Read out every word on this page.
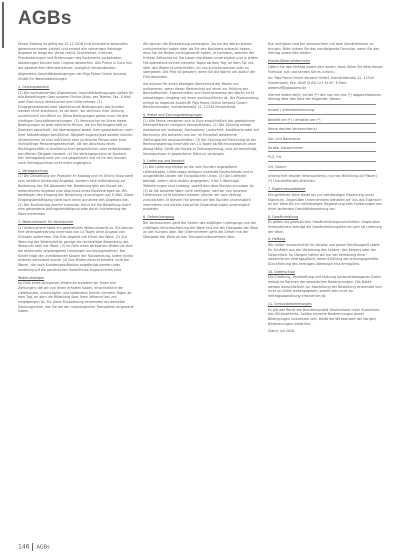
AGBs

Dieser Katalog ist gültig bis 31.12.2016 (mit Ausnahme besonders gekennzeichneter Artikel) und ersetzt alle vorherigen Kataloge. Angebot so lange der Vorrat reicht. Druckfehler, Irrtümer, Preisänderungen und Änderungen des Sortiments vorbehalten. Abbildungen können vom Original abweichen. Alle Preise in Euro inkl. der gesetzlichen Mehrwertsteuer, zuzüglich Versandkosten.

Allgemeine Geschäftsbedingungen der Pajo Pomo Online Versand GmbH für Warenbestellungen

1. Geltungsbereich

(1) Die nachstehenden Allgemeinen Geschäftsbedingungen gelten für alle Bestellungen über unseren Online-Shop, per Telefon, Fax, E-Mail oder Post durch Verbraucher und Unternehmer. (2) Entgegenstehende oder abweichende Bedingungen des Kunden werden nicht anerkannt, es sei denn, wir stimmen ihrer Geltung ausdrücklich schriftlich zu. Diese Bedingungen gelten auch für alle künftigen Geschäftsbeziehungen. (3) Verbraucher im Sinne dieser Bedingungen ist jede natürliche Person, die ein Rechtsgeschäft zu Zwecken abschließt, die überwiegend weder ihrer gewerblichen noch ihrer selbständigen beruflichen Tätigkeit zugerechnet werden können. Unternehmer ist eine natürliche oder juristische Person oder eine rechtsfähige Personengesellschaft, die bei Abschluss eines Rechtsgeschäfts in Ausübung ihrer gewerblichen oder selbständigen beruflichen Tätigkeit handelt. (4) Die Vertragssprache ist Deutsch. Der Vertragstext wird von uns gespeichert und ist für den Kunden nach Vertragsschluss nicht mehr zugänglich.

2. Vertragsschluss

(1) Die Darstellung der Produkte im Katalog und im Online-Shop stellt kein rechtlich bindendes Angebot, sondern eine Aufforderung zur Bestellung dar. Mit Absenden der Bestellung gibt der Kunde ein verbindliches Angebot zum Abschluss eines Kaufvertrages ab. Wir bestätigen den Eingang der Bestellung unverzüglich per E-Mail. Diese Eingangsbestätigung stellt noch keine Annahme des Angebots dar. (2) Der Kaufvertrag kommt zustande, wenn wir die Bestellung durch eine gesonderte Auftragsbestätigung oder durch Auslieferung der Ware annehmen.

3. Widerrufsrecht für Verbraucher

(1) Verbrauchern steht ein gesetzliches Widerrufsrecht zu. Sie können Ihre Vertragserklärung innerhalb von 14 Tagen ohne Angabe von Gründen widerrufen. Die Frist beginnt mit Erhalt der Ware. (2) Zur Wahrung der Widerrufsfrist genügt die rechtzeitige Absendung des Widerrufs oder der Ware. (3) Im Falle eines wirksamen Widerrufs sind die beiderseits empfangenen Leistungen zurückzugewähren. Der Kunde trägt die unmittelbaren Kosten der Rücksendung, sofern nichts anderes vereinbart wurde. (4) Das Widerrufsrecht besteht nicht bei Waren, die nach Kundenspezifikation angefertigt werden oder eindeutig auf die persönlichen Bedürfnisse zugeschnitten sind.

Widerrufsfolgen

Im Falle eines wirksamen Widerrufs erstatten wir Ihnen alle Zahlungen, die wir von Ihnen erhalten haben, einschließlich der Lieferkosten, unverzüglich und spätestens binnen vierzehn Tagen ab dem Tag, an dem die Mitteilung über Ihren Widerruf bei uns eingegangen ist. Für diese Rückzahlung verwenden wir dasselbe Zahlungsmittel, das Sie bei der ursprünglichen Transaktion eingesetzt haben.

Wir können die Rückzahlung verweigern, bis wir die Waren wieder zurückerhalten haben oder bis Sie den Nachweis erbracht haben, dass Sie die Waren zurückgesandt haben, je nachdem, welches der frühere Zeitpunkt ist. Sie haben die Waren unverzüglich und in jedem Fall spätestens binnen vierzehn Tagen ab dem Tag, an dem Sie uns über den Widerruf unterrichten, an uns zurückzusenden oder zu übergeben. Die Frist ist gewahrt, wenn Sie die Waren vor Ablauf der Frist absenden.

Sie müssen für einen etwaigen Wertverlust der Waren nur aufkommen, wenn dieser Wertverlust auf einen zur Prüfung der Beschaffenheit, Eigenschaften und Funktionsweise der Waren nicht notwendigen Umgang mit ihnen zurückzuführen ist. Die Rücksendung erfolgt an folgende Anschrift: Pajo Pomo Online Versand GmbH, Rücksendungen, Industriestraße 12, 12345 Musterstadt.

4. Preise und Zahlungsbedingungen

(1) Alle Preise verstehen sich in Euro einschließlich der gesetzlichen Mehrwertsteuer zuzüglich Versandkosten. (2) Die Zahlung erfolgt wahlweise per Vorkasse, Nachnahme, Lastschrift, Kreditkarte oder auf Rechnung. Wir behalten uns vor, im Einzelfall bestimmte Zahlungsarten auszuschließen. (3) Bei Zahlung auf Rechnung ist der Rechnungsbetrag innerhalb von 14 Tagen ab Rechnungsdatum ohne Abzug fällig. Gerät der Kunde in Zahlungsverzug, sind wir berechtigt, Verzugszinsen in gesetzlicher Höhe zu verlangen.

5. Lieferung und Versand

(1) Die Lieferung erfolgt an die vom Kunden angegebene Lieferadresse. Lieferungen erfolgen innerhalb Deutschlands und in ausgewählte Länder der Europäischen Union. (2) Die Lieferzeit beträgt, sofern nicht anders angegeben, 3 bis 5 Werktage. Teillieferungen sind zulässig, soweit dies dem Kunden zumutbar ist. (3) Ist die bestellte Ware nicht verfügbar, weil wir von unserem Lieferanten nicht beliefert werden, können wir vom Vertrag zurücktreten. In diesem Fall werden wir den Kunden unverzüglich informieren und bereits erbrachte Gegenleistungen unverzüglich erstatten.

6. Gefahrübergang

Bei Verbrauchern geht die Gefahr des zufälligen Untergangs und der zufälligen Verschlechterung der Ware erst mit der Übergabe der Ware an den Kunden über. Bei Unternehmern geht die Gefahr mit der Übergabe der Ware an das Transportunternehmen über.

Nur verfügbar sind bei Verbrauchern mit dem Sendeformular zu bringen. Bitte nutzen Sie das nachfolgende Formular, wenn Sie den Vertrag widerrufen wollen.

Muster-Widerrufsformular

(Wenn Sie den Vertrag widerrufen wollen, dann füllen Sie bitte dieses Formular aus und senden Sie es zurück.)

An: Pajo Pomo Online Versand GmbH, Industriestraße 12, 12345 Musterstadt, Fax: 0049 (0)40 123 45 67, E-Mail: widerruf@pajopomo.de

Hiermit widerrufe(n) ich/wir (*) den von mir/uns (*) abgeschlossenen Vertrag über den Kauf der folgenden Waren:

Anzahl / Artikelbezeichnung
Bestellt am (*) / erhalten am (*)
Name des/der Verbraucher(s)
Vor- und Nachname
Straße, Hausnummer
PLZ, Ort
Ort, Datum
Unterschrift des/der Verbraucher(s) (nur bei Mitteilung auf Papier)

(*) Unzutreffendes streichen.

7. Eigentumsvorbehalt

Die gelieferte Ware bleibt bis zur vollständigen Bezahlung unser Eigentum. Gegenüber Unternehmern behalten wir uns das Eigentum an der Ware bis zur vollständigen Begleichung aller Forderungen aus einer laufenden Geschäftsbeziehung vor.

8. Gewährleistung

Es gelten die gesetzlichen Gewährleistungsvorschriften. Gegenüber Unternehmern beträgt die Gewährleistungsfrist ein Jahr ab Lieferung der Ware.

9. Haftung

Wir haften unbeschränkt für Vorsatz und grobe Fahrlässigkeit sowie für Schäden aus der Verletzung des Lebens, des Körpers oder der Gesundheit. Im Übrigen haften wir nur bei Verletzung einer wesentlichen Vertragspflicht, deren Erfüllung die ordnungsgemäße Durchführung des Vertrages überhaupt erst ermöglicht.

10. Datenschutz

Die Erhebung, Verarbeitung und Nutzung personenbezogener Daten erfolgt im Rahmen der gesetzlichen Bestimmungen. Die Daten werden ausschließlich zur Abwicklung der Bestellung verwendet und nicht an Dritte weitergegeben, soweit dies nicht zur Vertragsabwicklung erforderlich ist.

11. Schlussbestimmungen

Es gilt das Recht der Bundesrepublik Deutschland unter Ausschluss des UN-Kaufrechts. Sollten einzelne Bestimmungen dieser Bedingungen unwirksam sein, bleibt die Wirksamkeit der übrigen Bestimmungen unberührt.

Stand: Juli 2016

146 AGBs
